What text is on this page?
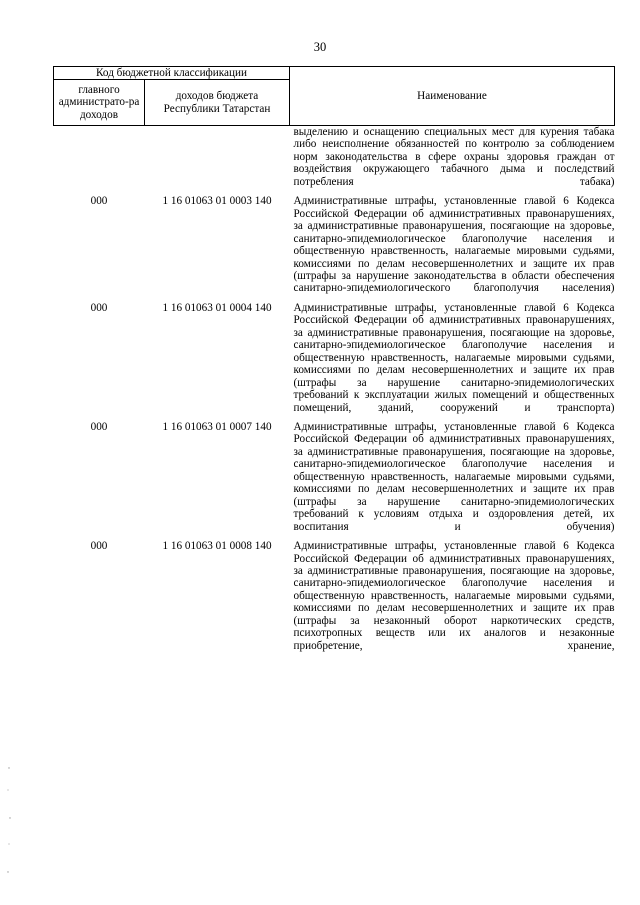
30
Код бюджетной классификации		Наименование
главного администрато-ра доходов	доходов бюджета Республики Татарстан	
		выделению и оснащению специальных мест для курения табака либо неисполнение обязанностей по контролю за соблюдением норм законодательства в сфере охраны здоровья граждан от воздействия окружающего табачного дыма и последствий потребления табака)
000	1 16 01063 01 0003 140	Административные штрафы, установленные главой 6 Кодекса Российской Федерации об административных правонарушениях, за административные правонарушения, посягающие на здоровье, санитарно-эпидемиологическое благополучие населения и общественную нравственность, налагаемые мировыми судьями, комиссиями по делам несовершеннолетних и защите их прав (штрафы за нарушение законодательства в области обеспечения санитарно-эпидемиологического благополучия населения)
000	1 16 01063 01 0004 140	Административные штрафы, установленные главой 6 Кодекса Российской Федерации об административных правонарушениях, за административные правонарушения, посягающие на здоровье, санитарно-эпидемиологическое благополучие населения и общественную нравственность, налагаемые мировыми судьями, комиссиями по делам несовершеннолетних и защите их прав (штрафы за нарушение санитарно-эпидемиологических требований к эксплуатации жилых помещений и общественных помещений, зданий, сооружений и транспорта)
000	1 16 01063 01 0007 140	Административные штрафы, установленные главой 6 Кодекса Российской Федерации об административных правонарушениях, за административные правонарушения, посягающие на здоровье, санитарно-эпидемиологическое благополучие населения и общественную нравственность, налагаемые мировыми судьями, комиссиями по делам несовершеннолетних и защите их прав (штрафы за нарушение санитарно-эпидемиологических требований к условиям отдыха и оздоровления детей, их воспитания и обучения)
000	1 16 01063 01 0008 140	Административные штрафы, установленные главой 6 Кодекса Российской Федерации об административных правонарушениях, за административные правонарушения, посягающие на здоровье, санитарно-эпидемиологическое благополучие населения и общественную нравственность, налагаемые мировыми судьями, комиссиями по делам несовершеннолетних и защите их прав (штрафы за незаконный оборот наркотических средств, психотропных веществ или их аналогов и незаконные приобретение, хранение,
